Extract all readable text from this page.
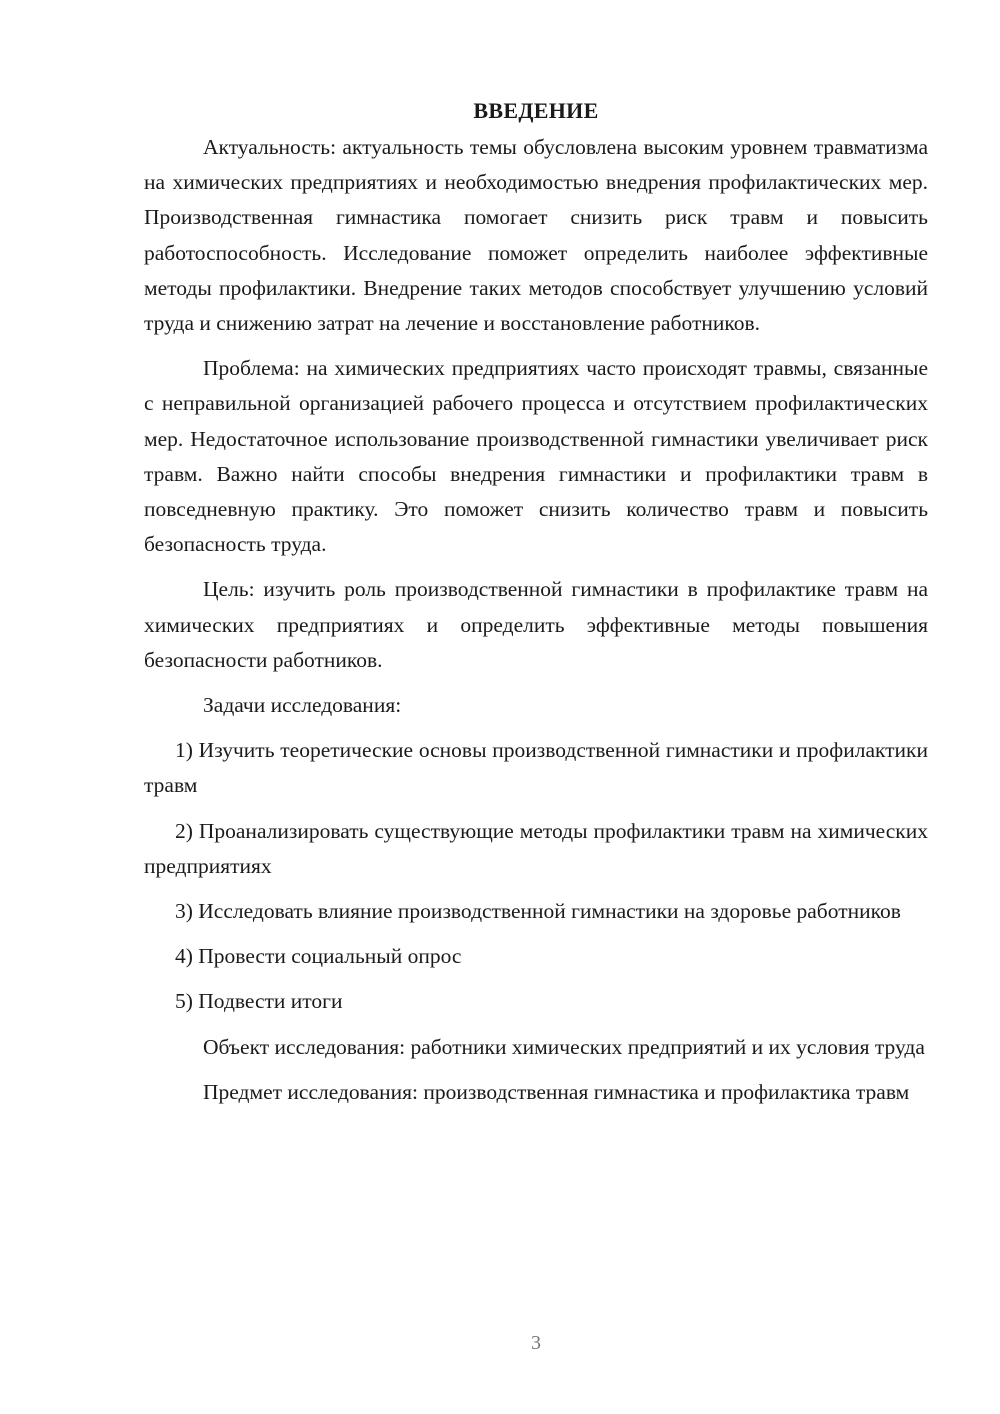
ВВЕДЕНИЕ

Актуальность: актуальность темы обусловлена высоким уровнем травматизма на химических предприятиях и необходимостью внедрения профилактических мер. Производственная гимнастика помогает снизить риск травм и повысить работоспособность. Исследование поможет определить наиболее эффективные методы профилактики. Внедрение таких методов способствует улучшению условий труда и снижению затрат на лечение и восстановление работников.

Проблема: на химических предприятиях часто происходят травмы, связанные с неправильной организацией рабочего процесса и отсутствием профилактических мер. Недостаточное использование производственной гимнастики увеличивает риск травм. Важно найти способы внедрения гимнастики и профилактики травм в повседневную практику. Это поможет снизить количество травм и повысить безопасность труда.

Цель: изучить роль производственной гимнастики в профилактике травм на химических предприятиях и определить эффективные методы повышения безопасности работников.

Задачи исследования:

1) Изучить теоретические основы производственной гимнастики и профилактики травм

2) Проанализировать существующие методы профилактики травм на химических предприятиях

3) Исследовать влияние производственной гимнастики на здоровье работников

4) Провести социальный опрос

5) Подвести итоги

Объект исследования: работники химических предприятий и их условия труда

Предмет исследования: производственная гимнастика и профилактика травм

3
